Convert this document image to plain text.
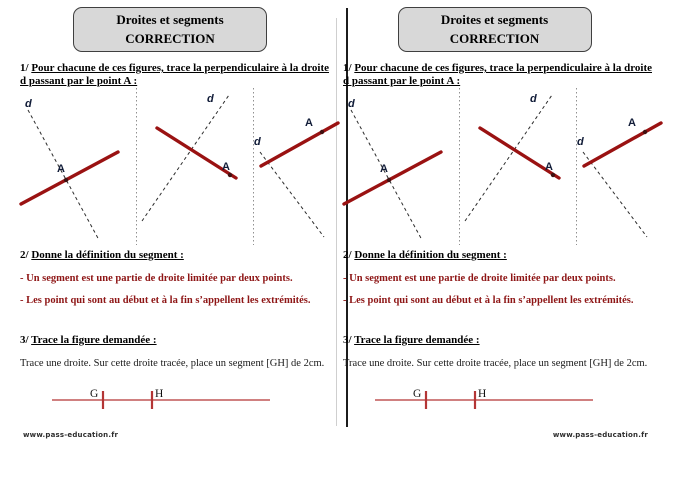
Droites et segments
CORRECTION

1/ Pour chacune de ces figures, trace la perpendiculaire à la droite d passant par le point A :

d
A
d
A
d
A

2/ Donne la définition du segment :

- Un segment est une partie de droite limitée par deux points.

- Les point qui sont au début et à la fin s’appellent les extrémités.

3/ Trace la figure demandée :

Trace une droite. Sur cette droite tracée, place un segment [GH] de 2cm.

G	H
www.pass-education.fr
Droites et segments
CORRECTION

1/ Pour chacune de ces figures, trace la perpendiculaire à la droite d passant par le point A :

d
A
d
A
d
A

2/ Donne la définition du segment :

- Un segment est une partie de droite limitée par deux points.

- Les point qui sont au début et à la fin s’appellent les extrémités.

3/ Trace la figure demandée :

Trace une droite. Sur cette droite tracée, place un segment [GH] de 2cm.

G	H
www.pass-education.fr
